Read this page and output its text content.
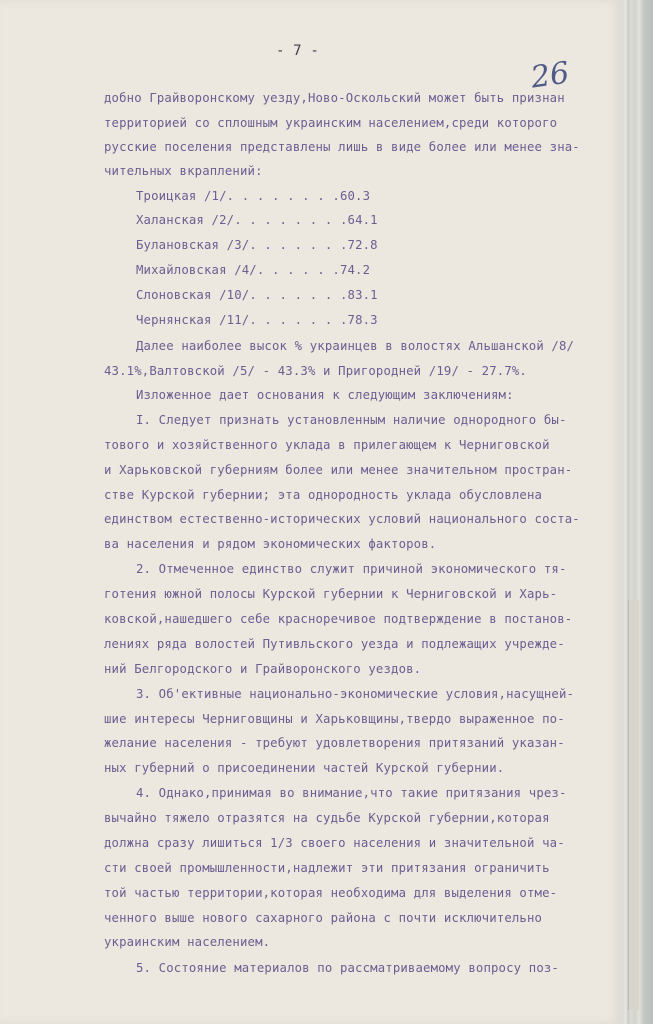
- 7 -
26
добно Грайворонскому уезду,Ново-Оскольский может быть признан
территорией со сплошным украинским населением,среди которого
русские поселения представлены лишь в виде более или менее зна-
чительных вкраплений:
Троицкая /1/. . . . . . . .60.3
Халанская /2/. . . . . . . .64.1
Булановская /3/. . . . . . .72.8
Михайловская /4/. . . . . .74.2
Слоновская /10/. . . . . . .83.1
Чернянская /11/. . . . . . .78.3
Далее наиболее высок % украинцев в волостях Альшанской /8/
43.1%,Валтовской /5/ - 43.3% и Пригородней /19/ - 27.7%.
Изложенное дает основания к следующим заключениям:
I. Следует признать установленным наличие однородного бы-
тового и хозяйственного уклада в прилегающем к Черниговской
и Харьковской губерниям более или менее значительном простран-
стве Курской губернии; эта однородность уклада обусловлена
единством естественно-исторических условий национального соста-
ва населения и рядом экономических факторов.
2. Отмеченное единство служит причиной экономического тя-
готения южной полосы Курской губернии к Черниговской и Харь-
ковской,нашедшего себе красноречивое подтверждение в постанов-
лениях ряда волостей Путивльского уезда и подлежащих учрежде-
ний Белгородского и Грайворонского уездов.
3. Об'ективные национально-экономические условия,насущней-
шие интересы Черниговщины и Харьковщины,твердо выраженное по-
желание населения - требуют удовлетворения притязаний указан-
ных губерний о присоединении частей Курской губернии.
4. Однако,принимая во внимание,что такие притязания чрез-
вычайно тяжело отразятся на судьбе Курской губернии,которая
должна сразу лишиться 1/3 своего населения и значительной ча-
сти своей промышленности,надлежит эти притязания ограничить
той частью территории,которая необходима для выделения отме-
ченного выше нового сахарного района с почти исключительно
украинским населением.
5. Состояние материалов по рассматриваемому вопросу поз-
